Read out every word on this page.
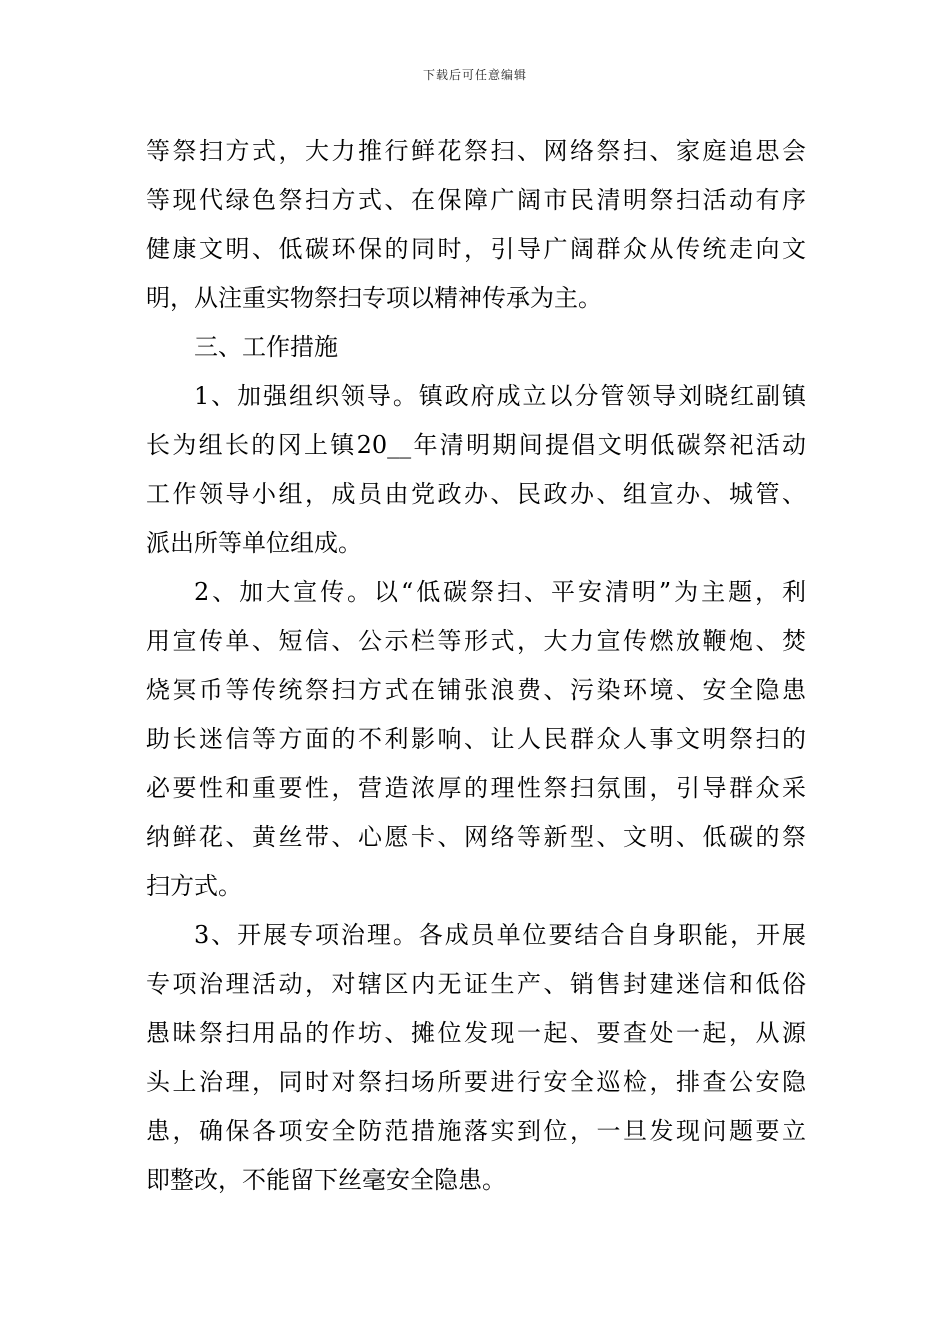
下载后可任意编辑
等祭扫方式，大力推行鲜花祭扫、网络祭扫、家庭追思会
等现代绿色祭扫方式、在保障广阔市民清明祭扫活动有序
健康文明、低碳环保的同时，引导广阔群众从传统走向文
明，从注重实物祭扫专项以精神传承为主。
三、工作措施
1、加强组织领导。镇政府成立以分管领导刘晓红副镇
长为组长的冈上镇20__年清明期间提倡文明低碳祭祀活动
工作领导小组，成员由党政办、民政办、组宣办、城管、
派出所等单位组成。
2、加大宣传。以“低碳祭扫、平安清明”为主题，利
用宣传单、短信、公示栏等形式，大力宣传燃放鞭炮、焚
烧冥币等传统祭扫方式在铺张浪费、污染环境、安全隐患
助长迷信等方面的不利影响、让人民群众人事文明祭扫的
必要性和重要性，营造浓厚的理性祭扫氛围，引导群众采
纳鲜花、黄丝带、心愿卡、网络等新型、文明、低碳的祭
扫方式。
3、开展专项治理。各成员单位要结合自身职能，开展
专项治理活动，对辖区内无证生产、销售封建迷信和低俗
愚昧祭扫用品的作坊、摊位发现一起、要查处一起，从源
头上治理，同时对祭扫场所要进行安全巡检，排查公安隐
患，确保各项安全防范措施落实到位，一旦发现问题要立
即整改，不能留下丝毫安全隐患。
